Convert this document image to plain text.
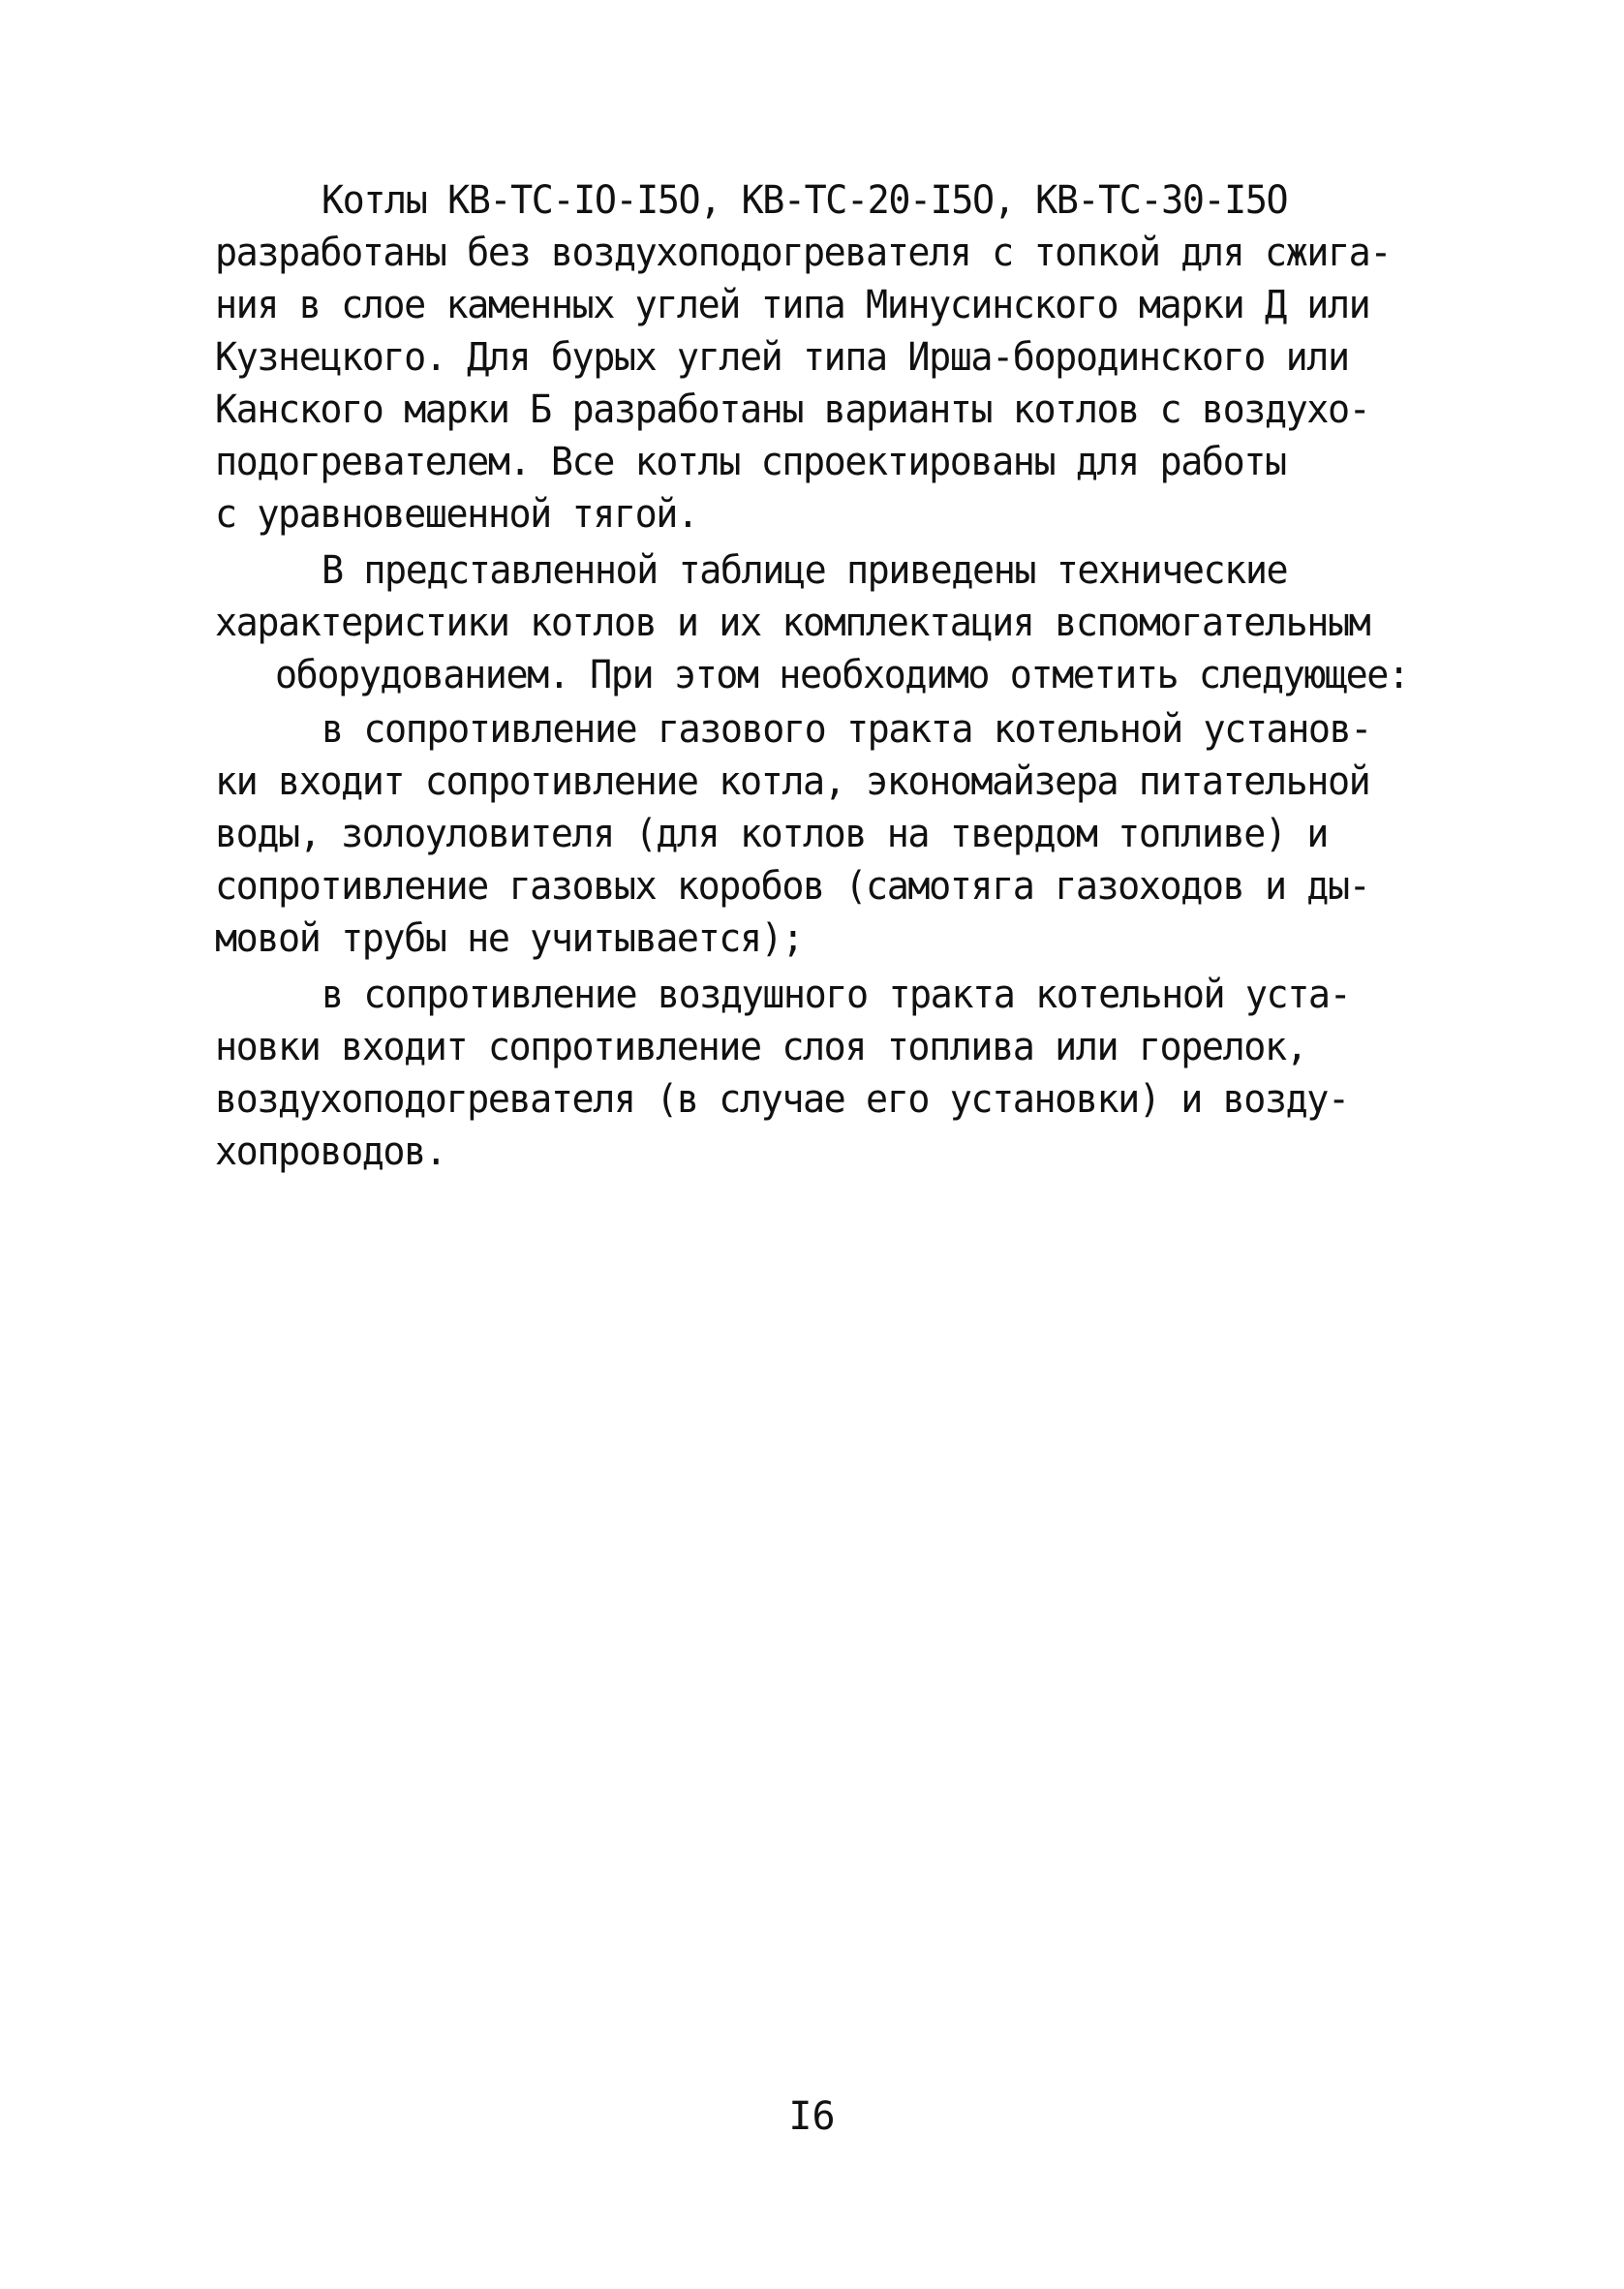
Котлы КВ-ТС-IO-I5O, КВ-ТС-20-I5O, КВ-ТС-30-I5O
разработаны без воздухоподогревателя с топкой для сжига-
ния в слое каменных углей типа Минусинского марки Д или
Кузнецкого. Для бурых углей типа Ирша-бородинского или
Канского марки Б разработаны варианты котлов с воздухо-
подогревателем. Все котлы спроектированы для работы
с уравновешенной тягой.
В представленной таблице приведены технические
характеристики котлов и их комплектация вспомогательным
оборудованием. При этом необходимо отметить следующее:
в сопротивление газового тракта котельной установ-
ки входит сопротивление котла, экономайзера питательной
воды, золоуловителя (для котлов на твердом топливе) и
сопротивление газовых коробов (самотяга газоходов и ды-
мовой трубы не учитывается);
в сопротивление воздушного тракта котельной уста-
новки входит сопротивление слоя топлива или горелок,
воздухоподогревателя (в случае его установки) и возду-
хопроводов.
I6
